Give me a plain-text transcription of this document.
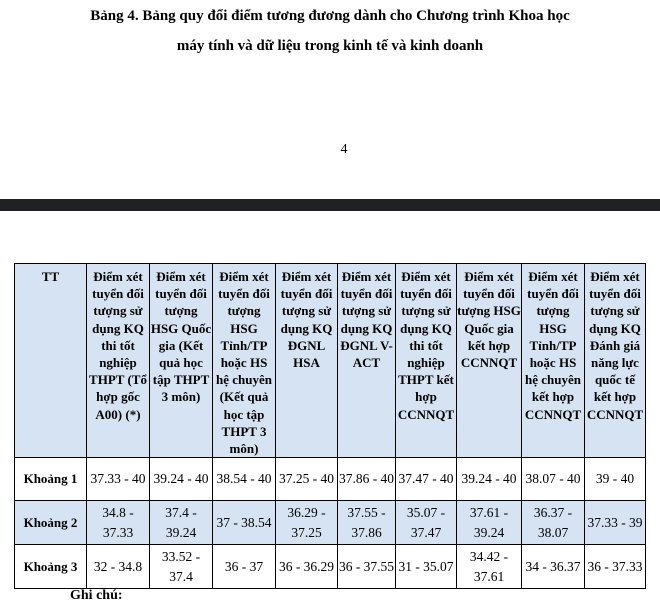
Bảng 4. Bảng quy đổi điểm tương đương dành cho Chương trình Khoa học
máy tính và dữ liệu trong kinh tế và kinh doanh
4
TT	Điểm xét tuyển đối tượng sử dụng KQ thi tốt nghiệp THPT (Tổ hợp gốc A00) (*)	Điểm xét tuyển đối tượng HSG Quốc gia (Kết quả học tập THPT 3 môn)	Điểm xét tuyển đối tượng HSG Tỉnh/TP hoặc HS hệ chuyên (Kết quả học tập THPT 3 môn)	Điểm xét tuyển đối tượng sử dụng KQ ĐGNL HSA	Điểm xét tuyển đối tượng sử dụng KQ ĐGNL V-ACT	Điểm xét tuyển đối tượng sử dụng KQ thi tốt nghiệp THPT kết hợp CCNNQT	Điểm xét tuyển đối tượng HSG Quốc gia kết hợp CCNNQT	Điểm xét tuyển đối tượng HSG Tỉnh/TP hoặc HS hệ chuyên kết hợp CCNNQT	Điểm xét tuyển đối tượng sử dụng KQ Đánh giá năng lực quốc tế kết hợp CCNNQT
Khoảng 1	37.33 - 40	39.24 - 40	38.54 - 40	37.25 - 40	37.86 - 40	37.47 - 40	39.24 - 40	38.07 - 40	39 - 40
Khoảng 2	34.8 - 37.33	37.4 - 39.24	37 - 38.54	36.29 - 37.25	37.55 - 37.86	35.07 - 37.47	37.61 - 39.24	36.37 - 38.07	37.33 - 39
Khoảng 3	32 - 34.8	33.52 - 37.4	36 - 37	36 - 36.29	36 - 37.55	31 - 35.07	34.42 - 37.61	34 - 36.37	36 - 37.33
Ghi chú:
